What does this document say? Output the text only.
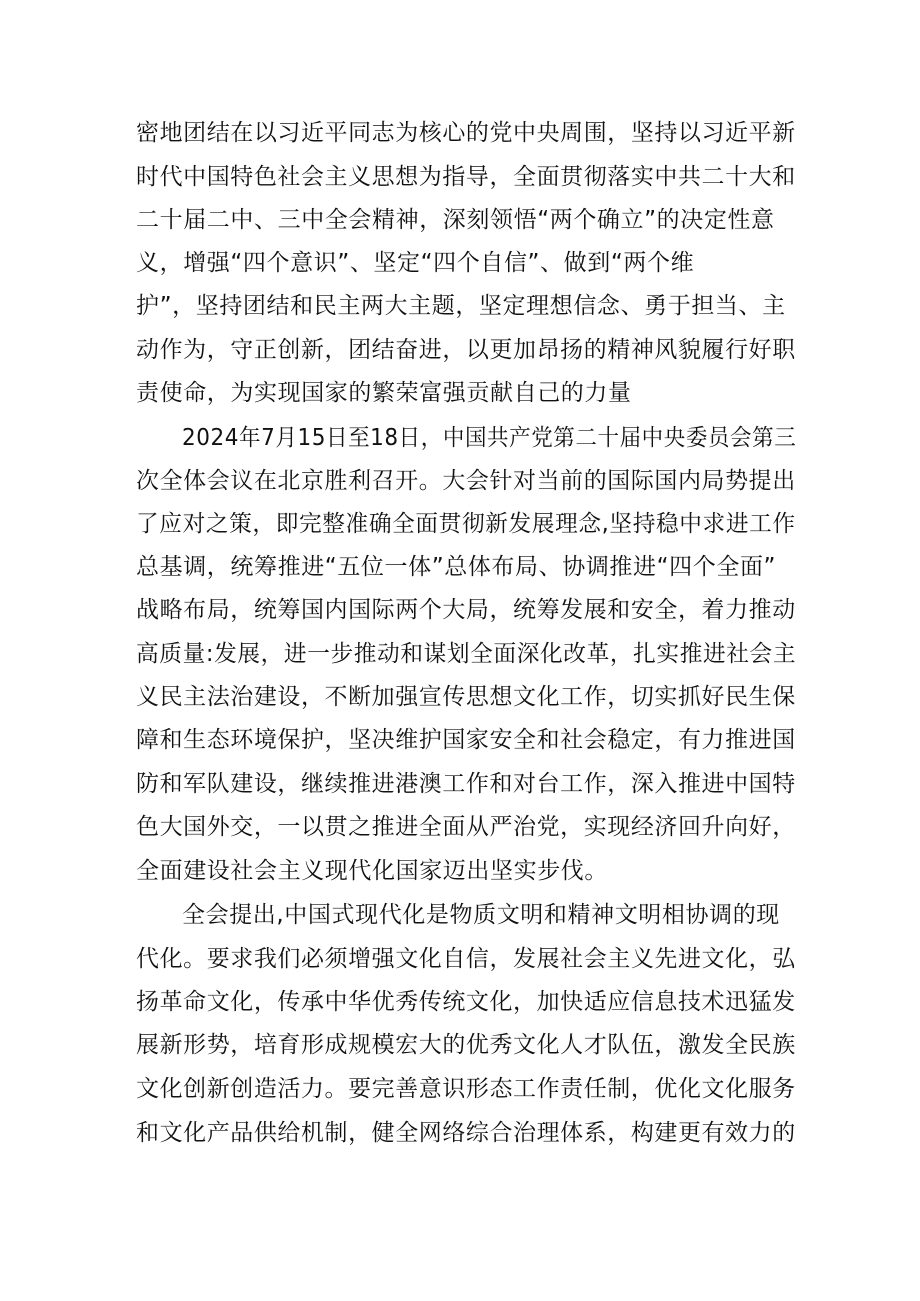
密地团结在以习近平同志为核心的党中央周围，坚持以习近平新

时代中国特色社会主义思想为指导，全面贯彻落实中共二十大和

二十届二中、三中全会精神，深刻领悟“两个确立”的决定性意

义，增强“四个意识”、坚定“四个自信”、做到“两个维

护”，坚持团结和民主两大主题，坚定理想信念、勇于担当、主

动作为，守正创新，团结奋进，以更加昂扬的精神风貌履行好职

责使命，为实现国家的繁荣富强贡献自己的力量

2024年7月15日至18日，中国共产党第二十届中央委员会第三

次全体会议在北京胜利召开。大会针对当前的国际国内局势提出

了应对之策，即完整准确全面贯彻新发展理念,坚持稳中求进工作

总基调，统筹推进“五位一体”总体布局、协调推进“四个全面”

战略布局，统筹国内国际两个大局，统筹发展和安全，着力推动

高质量:发展，进一步推动和谋划全面深化改革，扎实推进社会主

义民主法治建设，不断加强宣传思想文化工作，切实抓好民生保

障和生态环境保护，坚决维护国家安全和社会稳定，有力推进国

防和军队建设，继续推进港澳工作和对台工作，深入推进中国特

色大国外交，一以贯之推进全面从严治党，实现经济回升向好，

全面建设社会主义现代化国家迈出坚实步伐。

全会提出,中国式现代化是物质文明和精神文明相协调的现

代化。要求我们必须增强文化自信，发展社会主义先进文化，弘

扬革命文化，传承中华优秀传统文化，加快适应信息技术迅猛发

展新形势，培育形成规模宏大的优秀文化人才队伍，激发全民族

文化创新创造活力。要完善意识形态工作责任制，优化文化服务

和文化产品供给机制，健全网络综合治理体系，构建更有效力的
